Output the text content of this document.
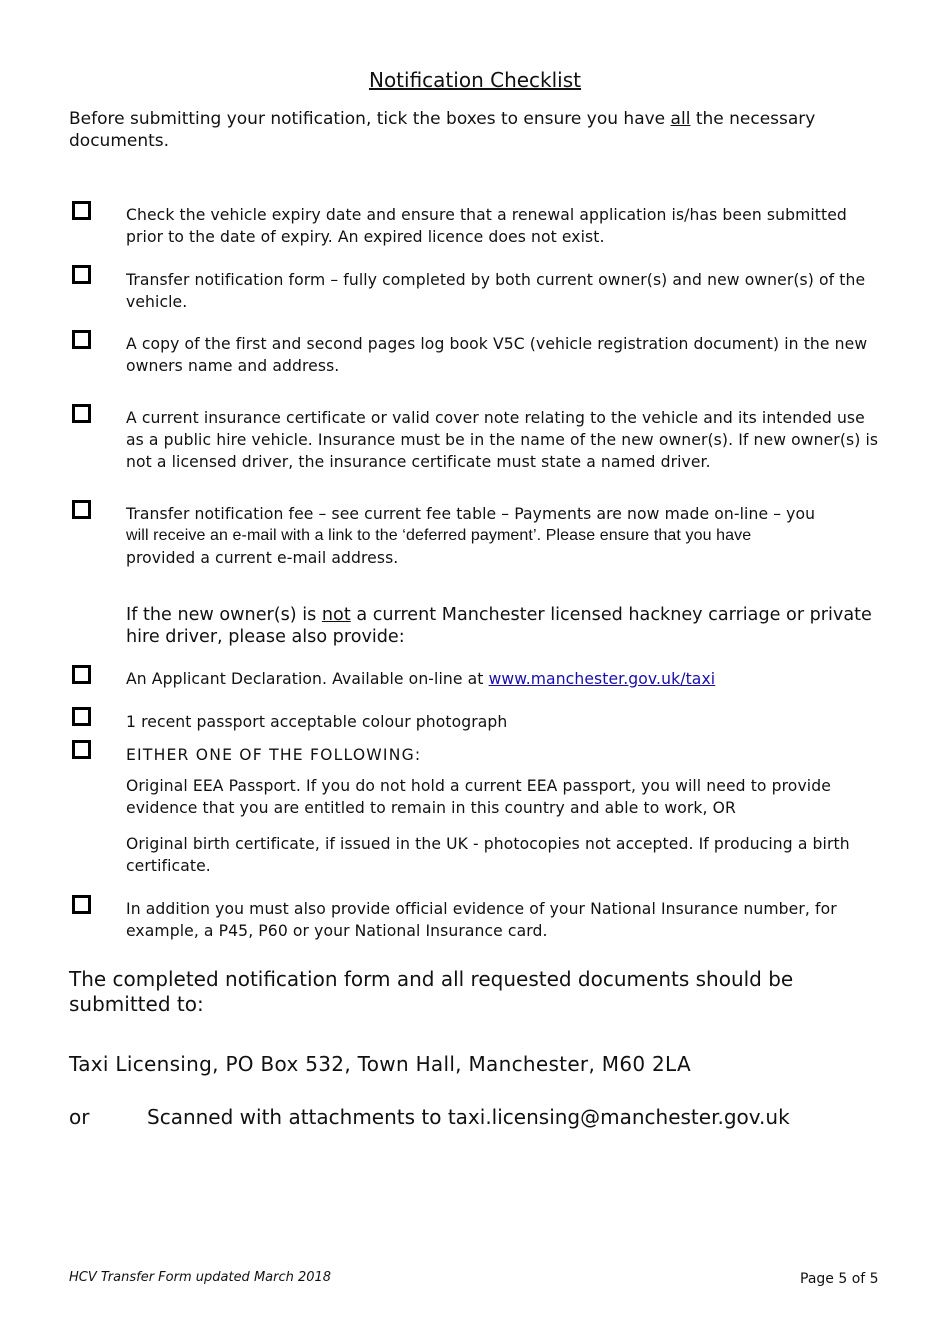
Notification Checklist
Before submitting your notification, tick the boxes to ensure you have all the necessary documents.
Check the vehicle expiry date and ensure that a renewal application is/has been submitted prior to the date of expiry. An expired licence does not exist.
Transfer notification form – fully completed by both current owner(s) and new owner(s) of the vehicle.
A copy of the first and second pages log book V5C (vehicle registration document) in the new owners name and address.
A current insurance certificate or valid cover note relating to the vehicle and its intended use as a public hire vehicle. Insurance must be in the name of the new owner(s). If new owner(s) is not a licensed driver, the insurance certificate must state a named driver.
Transfer notification fee – see current fee table – Payments are now made on-line – you
will receive an e-mail with a link to the ‘deferred payment’. Please ensure that you have
provided a current e-mail address.
If the new owner(s) is not a current Manchester licensed hackney carriage or private hire driver, please also provide:
An Applicant Declaration. Available on-line at www.manchester.gov.uk/taxi
1 recent passport acceptable colour photograph
EITHER ONE OF THE FOLLOWING:
Original EEA Passport. If you do not hold a current EEA passport, you will need to provide evidence that you are entitled to remain in this country and able to work, OR
Original birth certificate, if issued in the UK - photocopies not accepted. If producing a birth certificate.
In addition you must also provide official evidence of your National Insurance number, for example, a P45, P60 or your National Insurance card.
The completed notification form and all requested documents should be submitted to:
Taxi Licensing, PO Box 532, Town Hall, Manchester, M60 2LA
or	Scanned with attachments to taxi.licensing@manchester.gov.uk
HCV Transfer Form updated March 2018	Page 5 of 5
